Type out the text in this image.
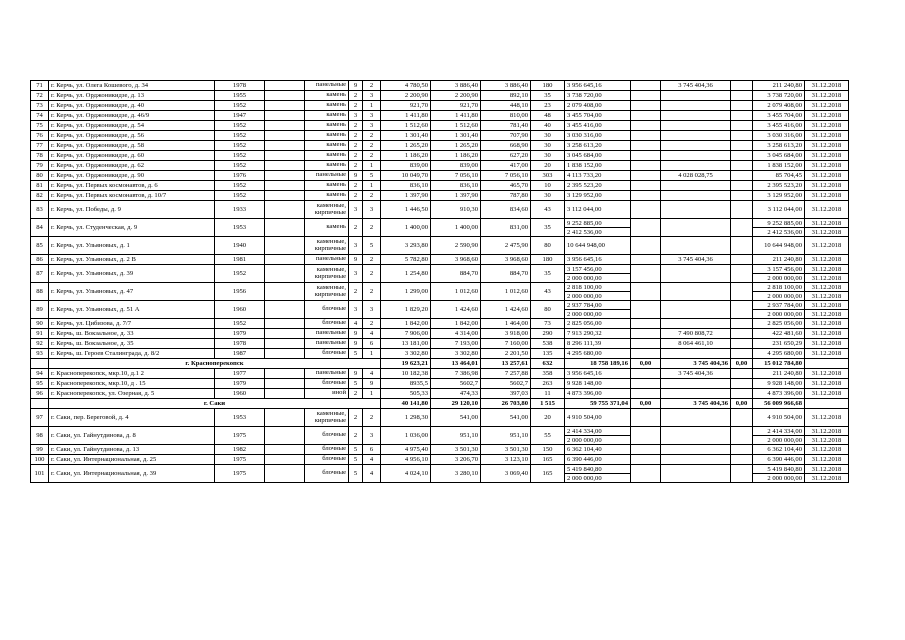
71	г. Керчь, ул. Олега Кошевого, д. 34	1978		панельные	9	2	4 780,50	3 886,40	3 886,40	180	3 956 645,16		3 745 404,36		211 240,80	31.12.2018
72	г. Керчь, ул. Орджоникидзе, д. 13	1955		камень	2	3	2 200,90	2 200,90	892,10	35	3 738 720,00				3 738 720,00	31.12.2018
73	г. Керчь, ул. Орджоникидзе, д. 40	1952		камень	2	1	921,70	921,70	448,10	23	2 079 408,00				2 079 408,00	31.12.2018
74	г. Керчь, ул. Орджоникидзе, д. 46/9	1947		камень	3	3	1 411,80	1 411,80	810,00	48	3 455 704,00				3 455 704,00	31.12.2018
75	г. Керчь, ул. Орджоникидзе, д. 54	1952		камень	2	3	1 512,60	1 512,60	781,40	40	3 455 416,00				3 455 416,00	31.12.2018
76	г. Керчь, ул. Орджоникидзе, д. 56	1952		камень	2	2	1 301,40	1 301,40	707,90	30	3 030 316,00				3 030 316,00	31.12.2018
77	г. Керчь, ул. Орджоникидзе, д. 58	1952		камень	2	2	1 265,20	1 265,20	668,90	30	3 258 613,20				3 258 613,20	31.12.2018
78	г. Керчь, ул. Орджоникидзе, д. 60	1952		камень	2	2	1 186,20	1 186,20	627,20	30	3 045 684,00				3 045 684,00	31.12.2018
79	г. Керчь, ул. Орджоникидзе, д. 62	1952		камень	2	1	839,00	839,00	417,00	20	1 838 152,00				1 838 152,00	31.12.2018
80	г. Керчь, ул. Орджоникидзе, д. 90	1976		панельные	9	5	10 049,70	7 056,10	7 056,10	303	4 113 733,20		4 028 028,75		85 704,45	31.12.2018
81	г. Керчь, ул. Первых космонавтов, д. 6	1952		камень	2	1	836,10	836,10	465,70	10	2 395 523,20				2 395 523,20	31.12.2018
82	г. Керчь, ул. Первых космонавтов, д. 10/7	1952		камень	2	2	1 397,90	1 397,90	787,80	30	3 129 952,00				3 129 952,00	31.12.2018
83	г. Керчь, ул. Победы, д. 9	1933		каменные, кирпичные	3	3	1 446,50	910,30	834,60	43	3 112 044,00				3 112 044,00	31.12.2018
84	г. Керчь, ул. Студенческая, д. 9	1953		камень	2	2	1 400,00	1 400,00	831,00	35	9 252 885,00				9 252 885,00	31.12.2018
											2 412 536,00				2 412 536,00	31.12.2018
85	г. Керчь, ул. Ульяновых, д. 1	1940		каменные, кирпичные	3	5	3 293,80	2 590,90	2 475,90	80	10 644 948,00				10 644 948,00	31.12.2018
86	г. Керчь, ул. Ульяновых, д. 2 В	1981		панельные	9	2	5 782,80	3 968,60	3 968,60	180	3 956 645,16		3 745 404,36		211 240,80	31.12.2018
87	г. Керчь, ул. Ульяновых, д. 39	1952		каменные, кирпичные	3	2	1 254,80	884,70	884,70	35	3 157 456,00				3 157 456,00	31.12.2018
											2 000 000,00				2 000 000,00	31.12.2018
88	г. Керчь, ул. Ульяновых, д. 47	1956		каменные, кирпичные	2	2	1 299,00	1 012,60	1 012,60	43	2 818 100,00				2 818 100,00	31.12.2018
											2 000 000,00				2 000 000,00	31.12.2018
89	г. Керчь, ул. Ульяновых, д. 51 А	1960		блочные	3	3	1 829,20	1 424,60	1 424,60	80	2 937 784,00				2 937 784,00	31.12.2018
											2 000 000,00				2 000 000,00	31.12.2018
90	г. Керчь, ул. Цибизова, д. 7/7	1952		блочные	4	2	1 842,00	1 842,00	1 464,00	73	2 825 056,00				2 825 056,00	31.12.2018
91	г. Керчь, ш. Вокзальное, д. 33	1979		панельные	9	4	7 906,00	4 314,00	3 918,00	290	7 913 290,32		7 490 808,72		422 481,60	31.12.2018
92	г. Керчь, ш. Вокзальное, д. 35	1978		панельные	9	6	13 181,00	7 193,00	7 160,00	538	8 296 111,39		8 064 461,10		231 650,29	31.12.2018
93	г. Керчь, ш. Героев Сталинграда, д. 8/2	1987		блочные	5	1	3 302,80	3 302,80	2 201,50	135	4 295 680,00				4 295 680,00	31.12.2018
	г. Красноперекопск						19 623,21	13 464,01	13 257,61	632	18 758 189,16	0,00	3 745 404,36	0,00	15 012 784,80	
94	г. Красноперекопск, мкр.10, д.1 2	1977		панельные	9	4	10 182,38	7 386,98	7 257,88	358	3 956 645,16		3 745 404,36		211 240,80	31.12.2018
95	г. Красноперекопск, мкр.10, д . 15	1979		блочные	5	9	8935,5	5602,7	5602,7	263	9 928 148,00				9 928 148,00	31.12.2018
96	г. Красноперекопск, ул. Озерная, д. 5	1960		иной	2	1	505,33	474,33	397,03	11	4 873 396,00				4 873 396,00	31.12.2018
	г. Саки						40 141,80	29 120,10	26 703,80	1 515	59 755 371,04	0,00	3 745 404,36	0,00	56 009 966,68	
97	г. Саки, пер. Береговой, д. 4	1953		каменные, кирпичные	2	2	1 298,30	541,00	541,00	20	4 910 504,00				4 910 504,00	31.12.2018
98	г. Саки, ул. Гайнутдинова, д. 8	1975		блочные	2	3	1 036,00	951,10	951,10	55	2 414 334,00				2 414 334,00	31.12.2018
											2 000 000,00				2 000 000,00	31.12.2018
99	г. Саки, ул. Гайнутдинова, д. 13	1982		блочные	5	6	4 975,40	3 501,30	3 501,30	150	6 362 104,40				6 362 104,40	31.12.2018
100	г. Саки, ул. Интернациональная, д. 25	1975		блочные	5	4	4 956,10	3 206,70	3 123,10	165	6 390 446,00				6 390 446,00	31.12.2018
101	г. Саки, ул. Интернациональная, д. 39	1975		блочные	5	4	4 024,10	3 280,10	3 069,40	165	5 419 840,80				5 419 840,80	31.12.2018
											2 000 000,00				2 000 000,00	31.12.2018
